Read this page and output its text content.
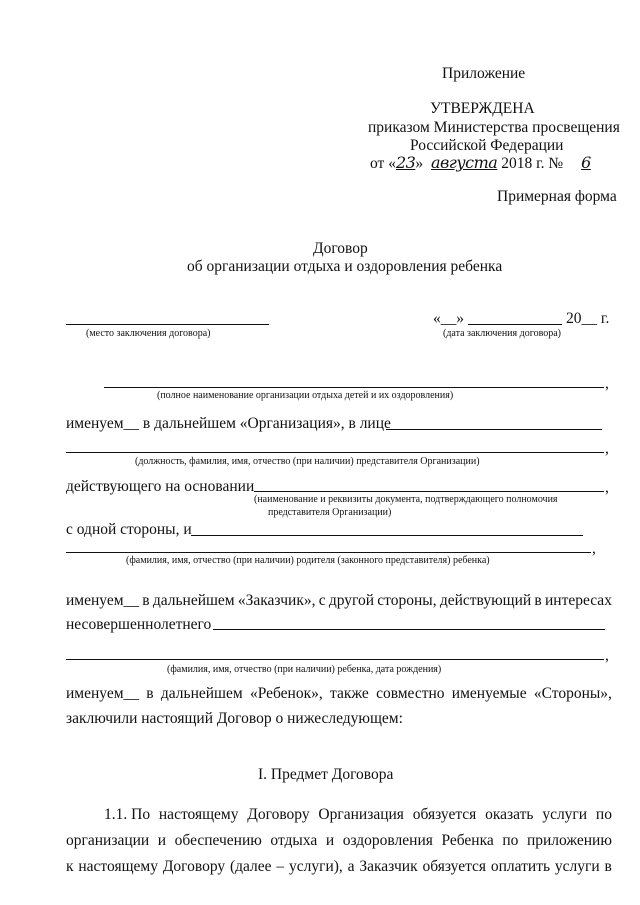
Приложение
УТВЕРЖДЕНА
приказом Министерства просвещения
Российской Федерации
от «23» августа 2018 г. № 6
Примерная форма
Договор
об организации отдыха и оздоровления ребенка
(место заключения договора)
«__»	20__ г.
(дата заключения договора)
,
(полное наименование организации отдыха детей и их оздоровления)
именуем__ в дальнейшем «Организация», в лице
,
(должность, фамилия, имя, отчество (при наличии) представителя Организации)
действующего на основании	,
(наименование и реквизиты документа, подтверждающего полномочия
представителя Организации)
с одной стороны, и
,
(фамилия, имя, отчество (при наличии) родителя (законного представителя) ребенка)
именуем__ в дальнейшем «Заказчик», с другой стороны, действующий в интересах
несовершеннолетнего
,
(фамилия, имя, отчество (при наличии) ребенка, дата рождения)
именуем__ в дальнейшем «Ребенок», также совместно именуемые «Стороны»,
заключили настоящий Договор о нижеследующем:
I. Предмет Договора
1.1. По настоящему Договору Организация обязуется оказать услуги по
организации и обеспечению отдыха и оздоровления Ребенка по приложению
к настоящему Договору (далее – услуги), а Заказчик обязуется оплатить услуги в
